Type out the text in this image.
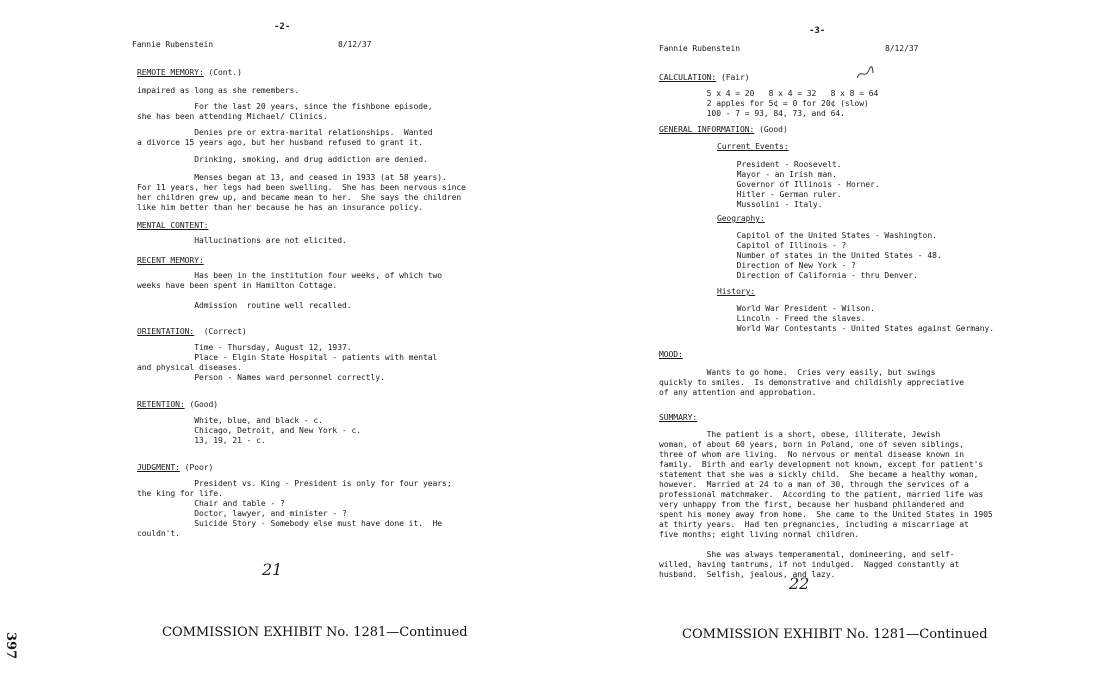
397
-2-
Fannie Rubenstein	8/12/37
REMOTE MEMORY: (Cont.)
impaired as long as she remembers.
For the last 20 years, since the fishbone episode,
she has been attending Michael/ Clinics.
Denies pre or extra-marital relationships.  Wanted
a divorce 15 years ago, but her husband refused to grant it.
Drinking, smoking, and drug addiction are denied.
Menses began at 13, and ceased in 1933 (at 58 years).
For 11 years, her legs had been swelling.  She has been nervous since
her children grew up, and became mean to her.  She says the children
like him better than her because he has an insurance policy.
MENTAL CONTENT:
Hallucinations are not elicited.
RECENT MEMORY:
Has been in the institution four weeks, of which two
weeks have been spent in Hamilton Cottage.

Admission  routine well recalled.
ORIENTATION:  (Correct)
Time - Thursday, August 12, 1937.
Place - Elgin State Hospital - patients with mental
and physical diseases.
Person - Names ward personnel correctly.
RETENTION: (Good)
White, blue, and black - c.
Chicago, Detroit, and New York - c.
13, 19, 21 - c.
JUDGMENT: (Poor)
President vs. King - President is only for four years;
the king for life.
Chair and table - ?
Doctor, lawyer, and minister - ?
Suicide Story - Somebody else must have done it.  He
couldn't.
21
COMMISSION EXHIBIT No. 1281—Continued
-3-
Fannie Rubenstein	8/12/37
CALCULATION: (Fair)
5 x 4 = 20   8 x 4 = 32   8 x 8 = 64
2 apples for 5¢ = 0 for 20¢ (slow)
100 - 7 = 93, 84, 73, and 64.
GENERAL INFORMATION: (Good)
Current Events:
President - Roosevelt.
Mayor - an Irish man.
Governor of Illinois - Horner.
Hitler - German ruler.
Mussolini - Italy.
Geography:
Capitol of the United States - Washington.
Capitol of Illinois - ?
Number of states in the United States - 48.
Direction of New York - ?
Direction of California - thru Denver.
History:
World War President - Wilson.
Lincoln - Freed the slaves.
World War Contestants - United States against Germany.
MOOD:
Wants to go home.  Cries very easily, but swings
quickly to smiles.  Is demonstrative and childishly appreciative
of any attention and approbation.
SUMMARY:
The patient is a short, obese, illiterate, Jewish
woman, of about 60 years, born in Poland, one of seven siblings,
three of whom are living.  No nervous or mental disease known in
family.  Birth and early development not known, except for patient's
statement that she was a sickly child.  She became a healthy woman,
however.  Married at 24 to a man of 30, through the services of a
professional matchmaker.  According to the patient, married life was
very unhappy from the first, because her husband philandered and
spent his money away from home.  She came to the United States in 1905
at thirty years.  Had ten pregnancies, including a miscarriage at
five months; eight living normal children.

She was always temperamental, domineering, and self-
willed, having tantrums, if not indulged.  Nagged constantly at
husband.  Selfish, jealous, and lazy.
22
COMMISSION EXHIBIT No. 1281—Continued
